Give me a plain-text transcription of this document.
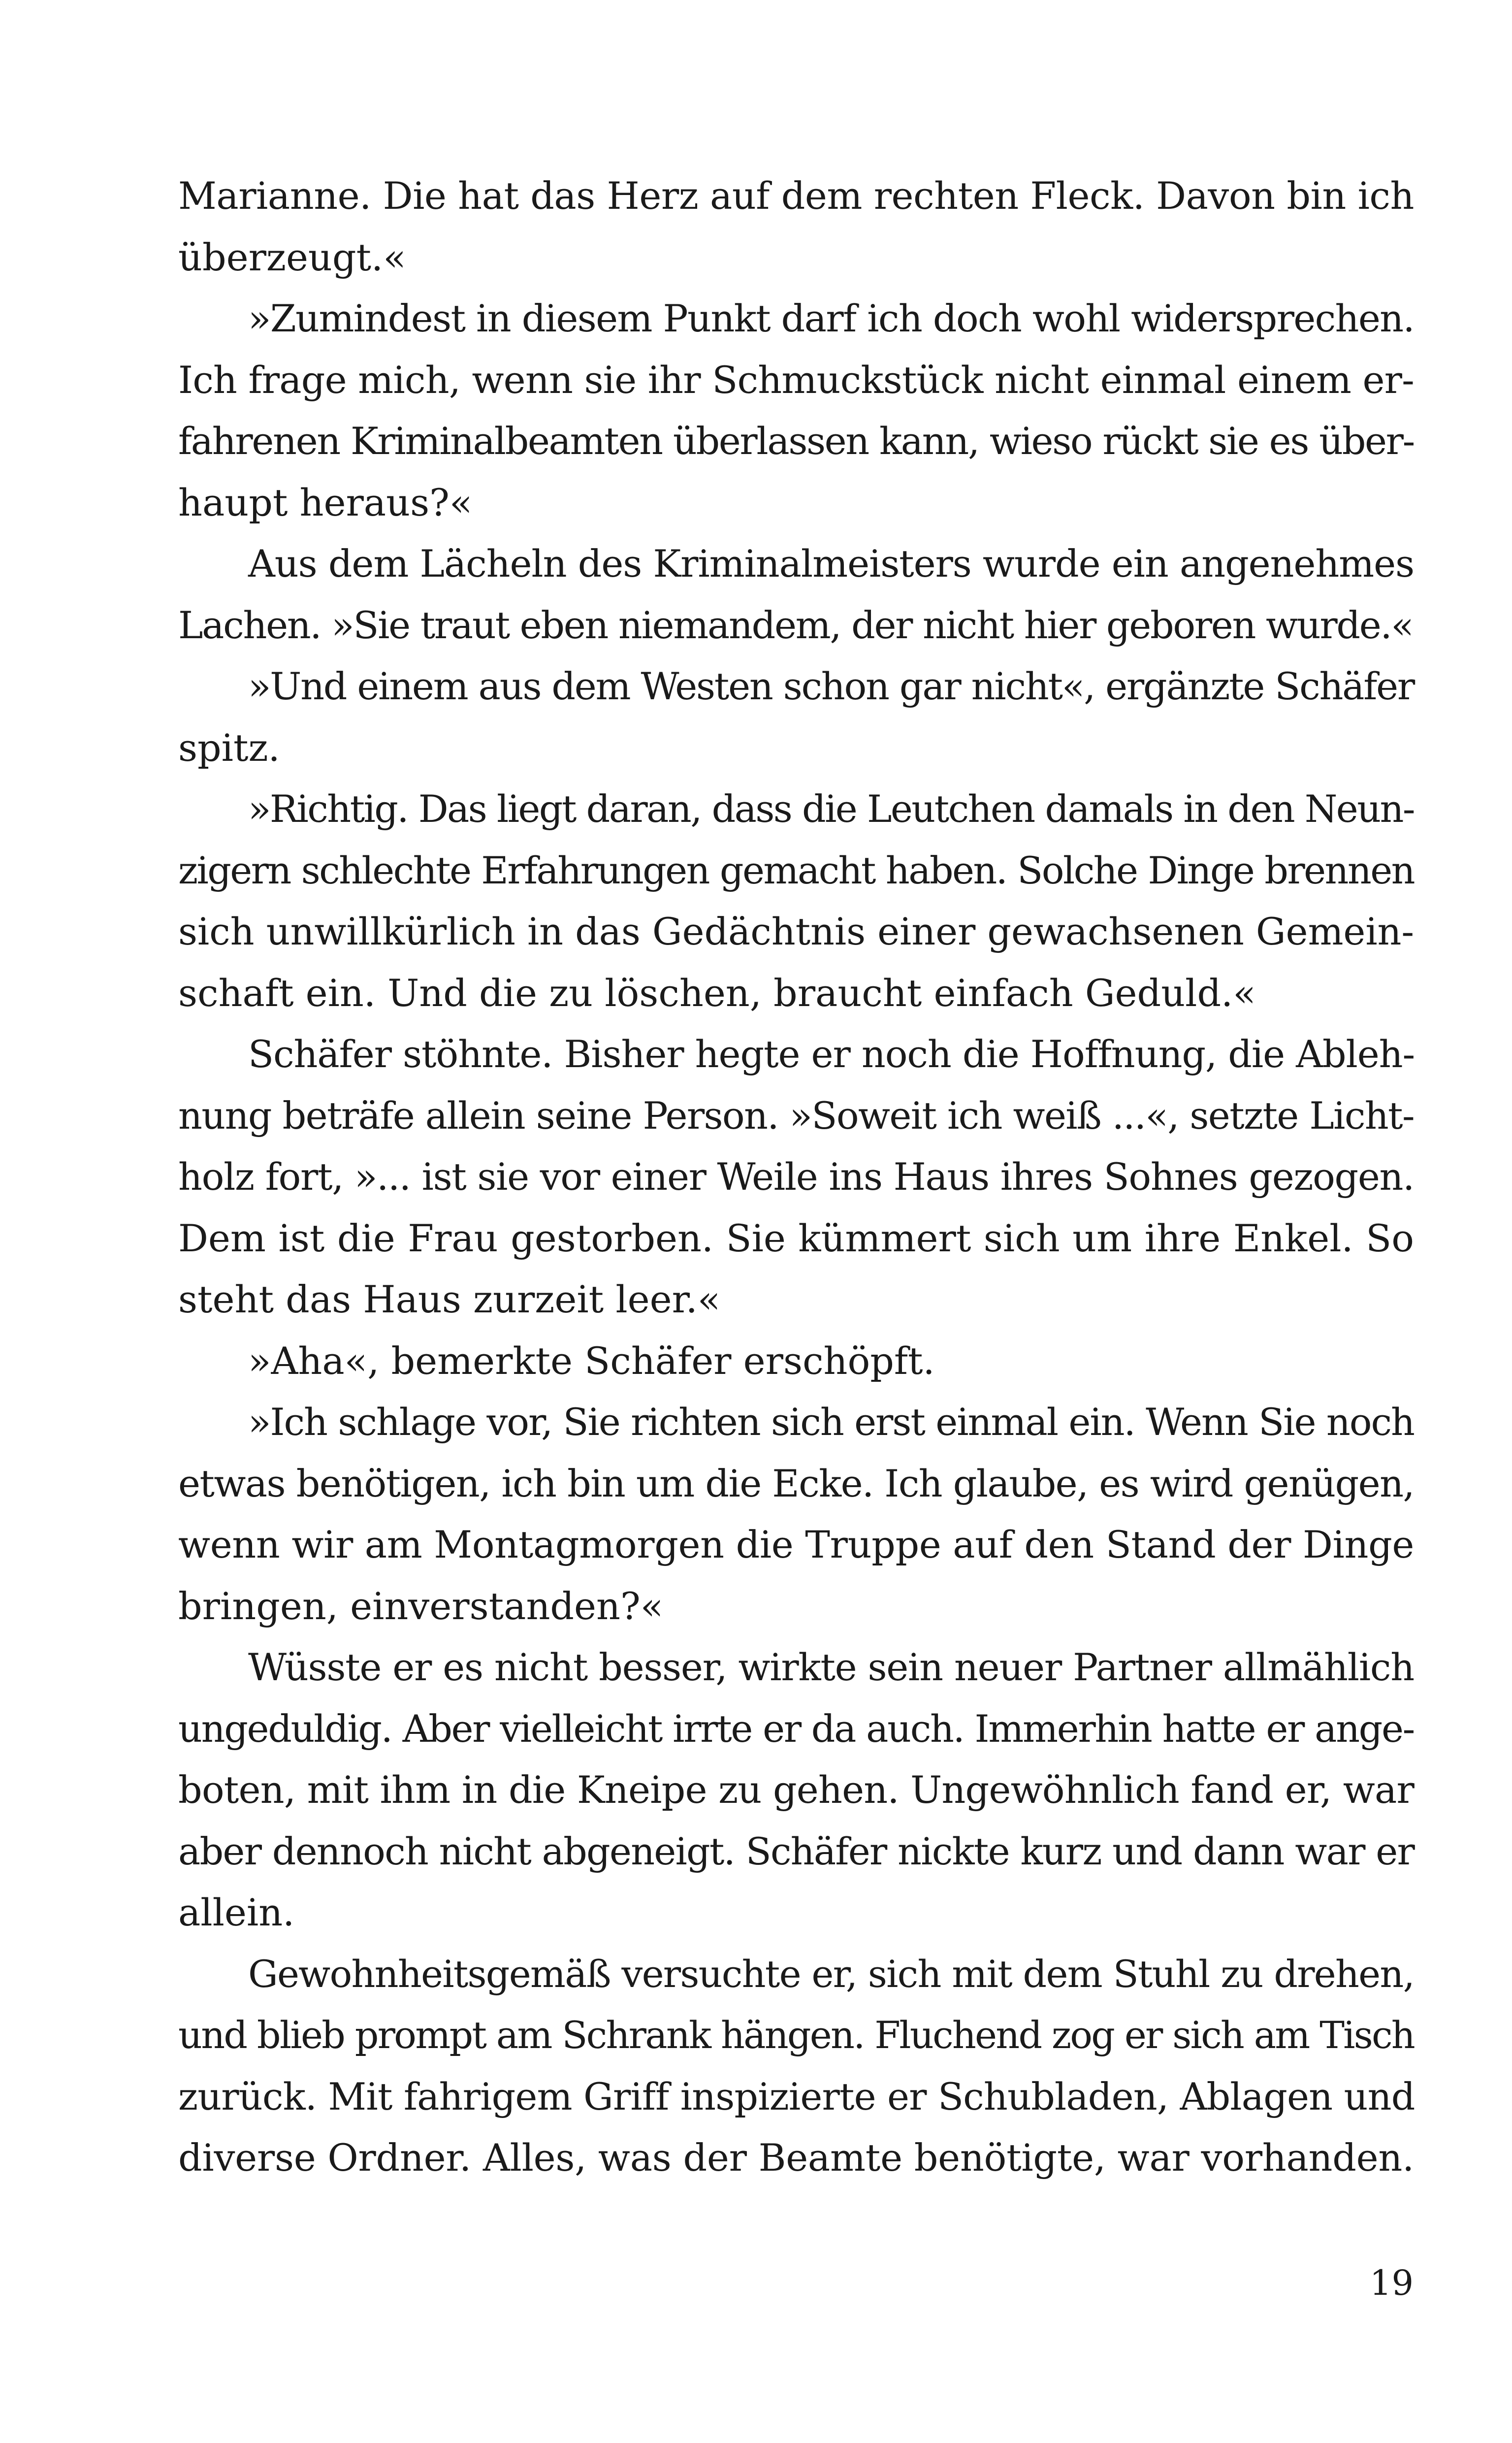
Marianne. Die hat das Herz auf dem rechten Fleck. Davon bin ich
überzeugt.«
»Zumindest in diesem Punkt darf ich doch wohl widersprechen.
Ich frage mich, wenn sie ihr Schmuckstück nicht einmal einem er-
fahrenen Kriminalbeamten überlassen kann, wieso rückt sie es über-
haupt heraus?«
Aus dem Lächeln des Kriminalmeisters wurde ein angenehmes
Lachen. »Sie traut eben niemandem, der nicht hier geboren wurde.«
»Und einem aus dem Westen schon gar nicht«, ergänzte Schäfer
spitz.
»Richtig. Das liegt daran, dass die Leutchen damals in den Neun-
zigern schlechte Erfahrungen gemacht haben. Solche Dinge brennen
sich unwillkürlich in das Gedächtnis einer gewachsenen Gemein-
schaft ein. Und die zu löschen, braucht einfach Geduld.«
Schäfer stöhnte. Bisher hegte er noch die Hoffnung, die Ableh-
nung beträfe allein seine Person. »Soweit ich weiß ...«, setzte Licht-
holz fort, »... ist sie vor einer Weile ins Haus ihres Sohnes gezogen.
Dem ist die Frau gestorben. Sie kümmert sich um ihre Enkel. So
steht das Haus zurzeit leer.«
»Aha«, bemerkte Schäfer erschöpft.
»Ich schlage vor, Sie richten sich erst einmal ein. Wenn Sie noch
etwas benötigen, ich bin um die Ecke. Ich glaube, es wird genügen,
wenn wir am Montagmorgen die Truppe auf den Stand der Dinge
bringen, einverstanden?«
Wüsste er es nicht besser, wirkte sein neuer Partner allmählich
ungeduldig. Aber vielleicht irrte er da auch. Immerhin hatte er ange-
boten, mit ihm in die Kneipe zu gehen. Ungewöhnlich fand er, war
aber dennoch nicht abgeneigt. Schäfer nickte kurz und dann war er
allein.
Gewohnheitsgemäß versuchte er, sich mit dem Stuhl zu drehen,
und blieb prompt am Schrank hängen. Fluchend zog er sich am Tisch
zurück. Mit fahrigem Griff inspizierte er Schubladen, Ablagen und
diverse Ordner. Alles, was der Beamte benötigte, war vorhanden.
19
